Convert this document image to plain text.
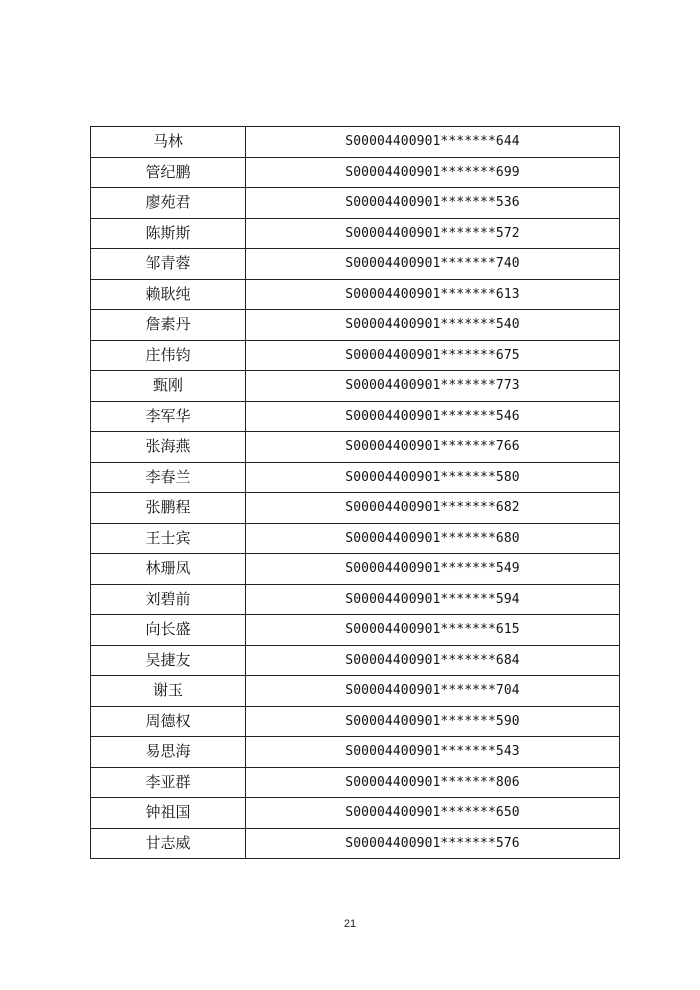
马林	S00004400901*******644
管纪鹏	S00004400901*******699
廖苑君	S00004400901*******536
陈斯斯	S00004400901*******572
邹青蓉	S00004400901*******740
赖耿纯	S00004400901*******613
詹素丹	S00004400901*******540
庄伟钧	S00004400901*******675
甄刚	S00004400901*******773
李军华	S00004400901*******546
张海燕	S00004400901*******766
李春兰	S00004400901*******580
张鹏程	S00004400901*******682
王士宾	S00004400901*******680
林珊凤	S00004400901*******549
刘碧前	S00004400901*******594
向长盛	S00004400901*******615
吴捷友	S00004400901*******684
谢玉	S00004400901*******704
周德权	S00004400901*******590
易思海	S00004400901*******543
李亚群	S00004400901*******806
钟祖国	S00004400901*******650
甘志威	S00004400901*******576
21
